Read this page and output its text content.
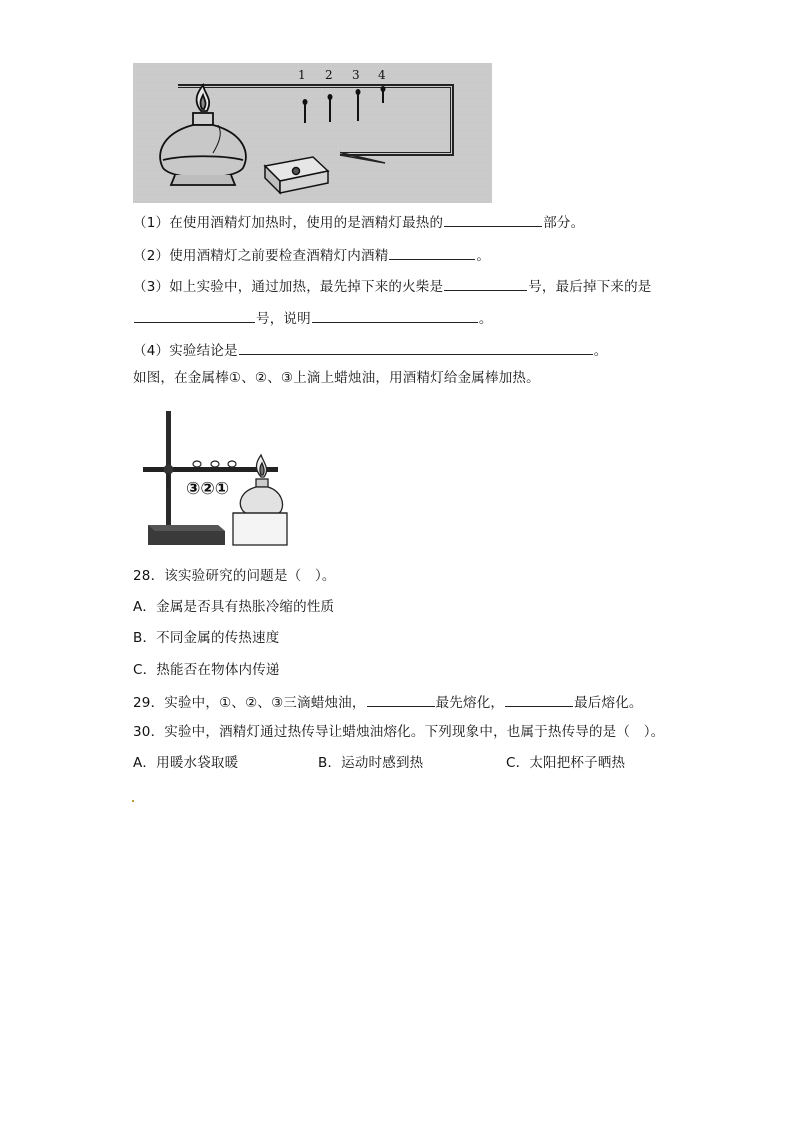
1 2 3 4
（1）在使用酒精灯加热时，使用的是酒精灯最热的	部分。
（2）使用酒精灯之前要检查酒精灯内酒精	。
（3）如上实验中，通过加热，最先掉下来的火柴是	号，最后掉下来的是
号，说明	。
（4）实验结论是	。
如图，在金属棒①、②、③上滴上蜡烛油，用酒精灯给金属棒加热。
③②①
28．该实验研究的问题是（　）。
A．金属是否具有热胀冷缩的性质
B．不同金属的传热速度
C．热能否在物体内传递
29．实验中，①、②、③三滴蜡烛油，	最先熔化，	最后熔化。
30．实验中，酒精灯通过热传导让蜡烛油熔化。下列现象中，也属于热传导的是（　）。
A．用暖水袋取暖	B．运动时感到热	C．太阳把杯子晒热
